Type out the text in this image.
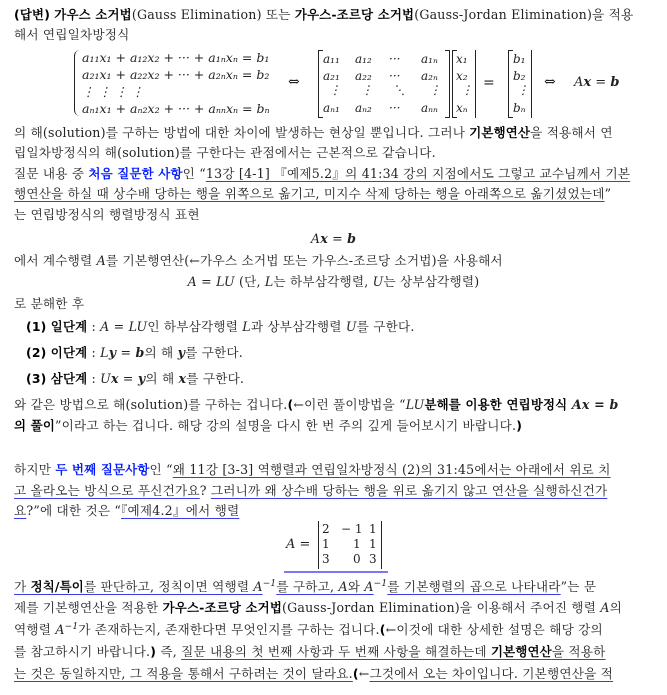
(답변) 가우스 소거법(Gauss Elimination) 또는 가우스-조르당 소거법(Gauss-Jordan Elimination)을 적용
해서 연립일차방정식
a₁₁x₁ + a₁₂x₂ + ··· + a₁ₙxₙ = b₁
a₂₁x₁ + a₂₂x₂ + ··· + a₂ₙxₙ = b₂
⋮ ⋮ ⋮ ⋮
aₙ₁x₁ + aₙ₂x₂ + ··· + aₙₙxₙ = bₙ
⇔
a₁₁ a₁₂ ··· a₁ₙ
a₂₁ a₂₂ ··· a₂ₙ
⋮ ⋮ ⋱ ⋮
aₙ₁ aₙ₂ ··· aₙₙ
x₁
x₂
⋮
xₙ
=
b₁
b₂
⋮
bₙ
⇔ Ax = b
의 해(solution)를 구하는 방법에 대한 차이에 발생하는 현상일 뿐입니다. 그러나 기본행연산을 적용해서 연
립일차방정식의 해(solution)를 구한다는 관점에서는 근본적으로 같습니다.
질문 내용 중 처음 질문한 사항인 “13강 [4-1] 『예제5.2』의 41:34 강의 지점에서도 그렇고 교수님께서 기본
행연산을 하실 때 상수배 당하는 행을 위쪽으로 옮기고, 미지수 삭제 당하는 행을 아래쪽으로 옮기셨었는데”
는 연립방정식의 행렬방정식 표현
Ax = b
에서 계수행렬 A를 기본행연산(←가우스 소거법 또는 가우스-조르당 소거법)을 사용해서
A = LU (단, L는 하부삼각행렬, U는 상부삼각행렬)
로 분해한 후
(1) 일단계 : A = LU인 하부삼각행렬 L과 상부삼각행렬 U를 구한다.
(2) 이단계 : Ly = b의 해 y를 구한다.
(3) 삼단계 : Ux = y의 해 x를 구한다.
와 같은 방법으로 해(solution)를 구하는 겁니다.(←이런 풀이방법을 “LU분해를 이용한 연립방정식 Ax = b
의 풀이”이라고 하는 겁니다. 해당 강의 설명을 다시 한 번 주의 깊게 들어보시기 바랍니다.)
하지만 두 번째 질문사항인 “왜 11강 [3-3] 역행렬과 연립일차방정식 (2)의 31:45에서는 아래에서 위로 치
고 올라오는 방식으로 푸신건가요? 그러니까 왜 상수배 당하는 행을 위로 옮기지 않고 연산을 실행하신건가
요?”에 대한 것은 “『예제4.2』에서 행렬
A =
2 − 1 1
1 1 1
3 0 3
가 정칙/특이를 판단하고, 정칙이면 역행렬 $A^{-1}$를 구하고, A와 $A^{-1}$를 기본행렬의 곱으로 나타내라”는 문
제를 기본행연산을 적용한 가우스-조르당 소거법(Gauss-Jordan Elimination)을 이용해서 주어진 행렬 A의
역행렬 $A^{-1}$가 존재하는지, 존재한다면 무엇인지를 구하는 겁니다.(←이것에 대한 상세한 설명은 해당 강의
를 참고하시기 바랍니다.) 즉, 질문 내용의 첫 번째 사항과 두 번째 사항을 해결하는데 기본행연산을 적용하
는 것은 동일하지만, 그 적용을 통해서 구하려는 것이 달라요.(←그것에서 오는 차이입니다. 기본행연산을 적
